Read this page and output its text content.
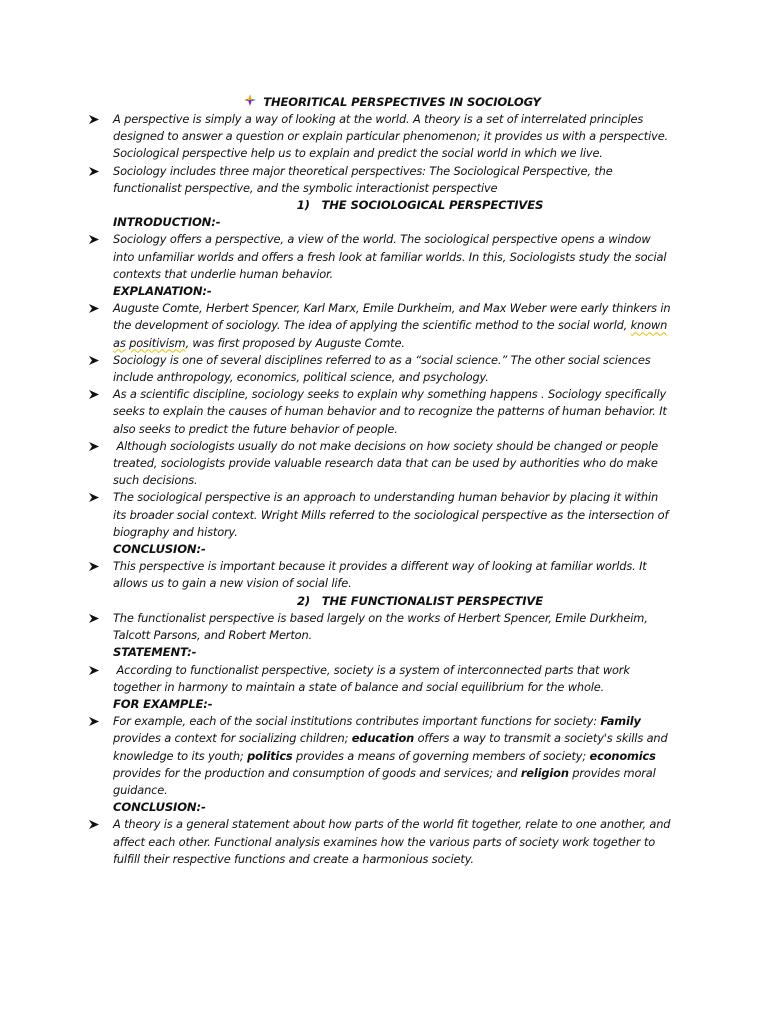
THEORITICAL PERSPECTIVES IN SOCIOLOGY
A perspective is simply a way of looking at the world. A theory is a set of interrelated principles designed to answer a question or explain particular phenomenon; it provides us with a perspective. Sociological perspective help us to explain and predict the social world in which we live.
Sociology includes three major theoretical perspectives: The Sociological Perspective, the functionalist perspective, and the symbolic interactionist perspective
1)   THE SOCIOLOGICAL PERSPECTIVES
INTRODUCTION:-
Sociology offers a perspective, a view of the world. The sociological perspective opens a window into unfamiliar worlds and offers a fresh look at familiar worlds. In this, Sociologists study the social contexts that underlie human behavior.
EXPLANATION:-
Auguste Comte, Herbert Spencer, Karl Marx, Emile Durkheim, and Max Weber were early thinkers in the development of sociology. The idea of applying the scientific method to the social world, known as positivism, was first proposed by Auguste Comte.
Sociology is one of several disciplines referred to as a “social science.” The other social sciences include anthropology, economics, political science, and psychology.
As a scientific discipline, sociology seeks to explain why something happens . Sociology specifically seeks to explain the causes of human behavior and to recognize the patterns of human behavior. It also seeks to predict the future behavior of people.
Although sociologists usually do not make decisions on how society should be changed or people treated, sociologists provide valuable research data that can be used by authorities who do make such decisions.
The sociological perspective is an approach to understanding human behavior by placing it within its broader social context. Wright Mills referred to the sociological perspective as the intersection of biography and history.
CONCLUSION:-
This perspective is important because it provides a different way of looking at familiar worlds. It allows us to gain a new vision of social life.
2)   THE FUNCTIONALIST PERSPECTIVE
The functionalist perspective is based largely on the works of Herbert Spencer, Emile Durkheim, Talcott Parsons, and Robert Merton.
STATEMENT:-
According to functionalist perspective, society is a system of interconnected parts that work together in harmony to maintain a state of balance and social equilibrium for the whole.
FOR EXAMPLE:-
For example, each of the social institutions contributes important functions for society: Family provides a context for socializing children; education offers a way to transmit a society's skills and knowledge to its youth; politics provides a means of governing members of society; economics provides for the production and consumption of goods and services; and religion provides moral guidance.
CONCLUSION:-
A theory is a general statement about how parts of the world fit together, relate to one another, and affect each other. Functional analysis examines how the various parts of society work together to fulfill their respective functions and create a harmonious society.
